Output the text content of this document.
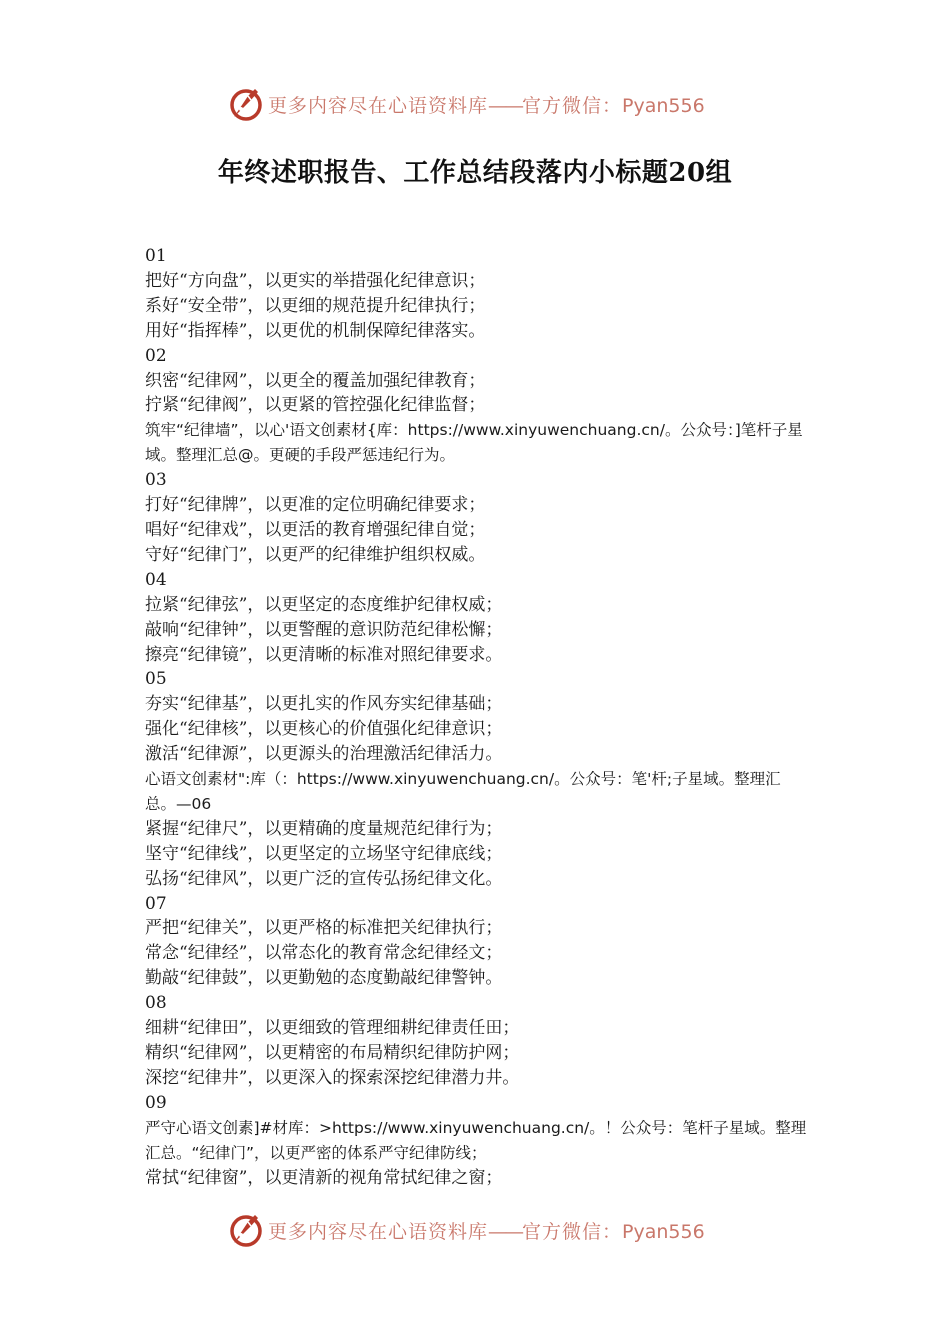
更多内容尽在心语资料库——官方微信：Pyan556
年终述职报告、工作总结段落内小标题20组
01
把好“方向盘”，以更实的举措强化纪律意识；
系好“安全带”，以更细的规范提升纪律执行；
用好“指挥棒”，以更优的机制保障纪律落实。
02
织密“纪律网”，以更全的覆盖加强纪律教育；
拧紧“纪律阀”，以更紧的管控强化纪律监督；
筑牢“纪律墙”，以心'语文创素材{库：https://www.xinyuwenchuang.cn/。公众号：]笔杆子星域。整理汇总@。更硬的手段严惩违纪行为。
03
打好“纪律牌”，以更准的定位明确纪律要求；
唱好“纪律戏”，以更活的教育增强纪律自觉；
守好“纪律门”，以更严的纪律维护组织权威。
04
拉紧“纪律弦”，以更坚定的态度维护纪律权威；
敲响“纪律钟”，以更警醒的意识防范纪律松懈；
擦亮“纪律镜”，以更清晰的标准对照纪律要求。
05
夯实“纪律基”，以更扎实的作风夯实纪律基础；
强化“纪律核”，以更核心的价值强化纪律意识；
激活“纪律源”，以更源头的治理激活纪律活力。
心语文创素材":库（：https://www.xinyuwenchuang.cn/。公众号：笔'杆;子星域。整理汇总。—06
紧握“纪律尺”，以更精确的度量规范纪律行为；
坚守“纪律线”，以更坚定的立场坚守纪律底线；
弘扬“纪律风”，以更广泛的宣传弘扬纪律文化。
07
严把“纪律关”，以更严格的标准把关纪律执行；
常念“纪律经”，以常态化的教育常念纪律经文；
勤敲“纪律鼓”，以更勤勉的态度勤敲纪律警钟。
08
细耕“纪律田”，以更细致的管理细耕纪律责任田；
精织“纪律网”，以更精密的布局精织纪律防护网；
深挖“纪律井”，以更深入的探索深挖纪律潜力井。
09
严守心语文创素]#材库：>https://www.xinyuwenchuang.cn/。！公众号：笔杆子星域。整理汇总。“纪律门”，以更严密的体系严守纪律防线；
常拭“纪律窗”，以更清新的视角常拭纪律之窗；
更多内容尽在心语资料库——官方微信：Pyan556
